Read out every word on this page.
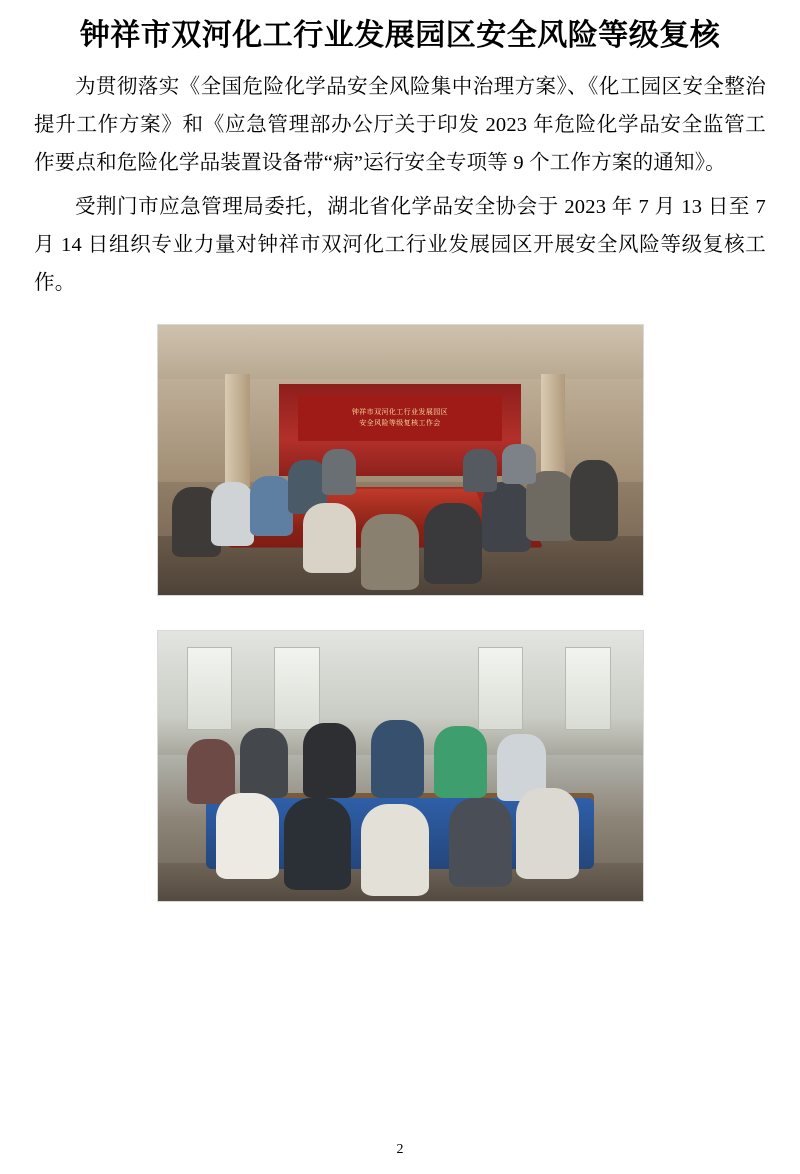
钟祥市双河化工行业发展园区安全风险等级复核

为贯彻落实《全国危险化学品安全风险集中治理方案》、《化工园区安全整治提升工作方案》和《应急管理部办公厅关于印发 2023 年危险化学品安全监管工作要点和危险化学品装置设备带“病”运行安全专项等 9 个工作方案的通知》。

受荆门市应急管理局委托，湖北省化学品安全协会于 2023 年 7 月 13 日至 7 月 14 日组织专业力量对钟祥市双河化工行业发展园区开展安全风险等级复核工作。

钟祥市双河化工行业发展园区
安全风险等级复核工作会
2
